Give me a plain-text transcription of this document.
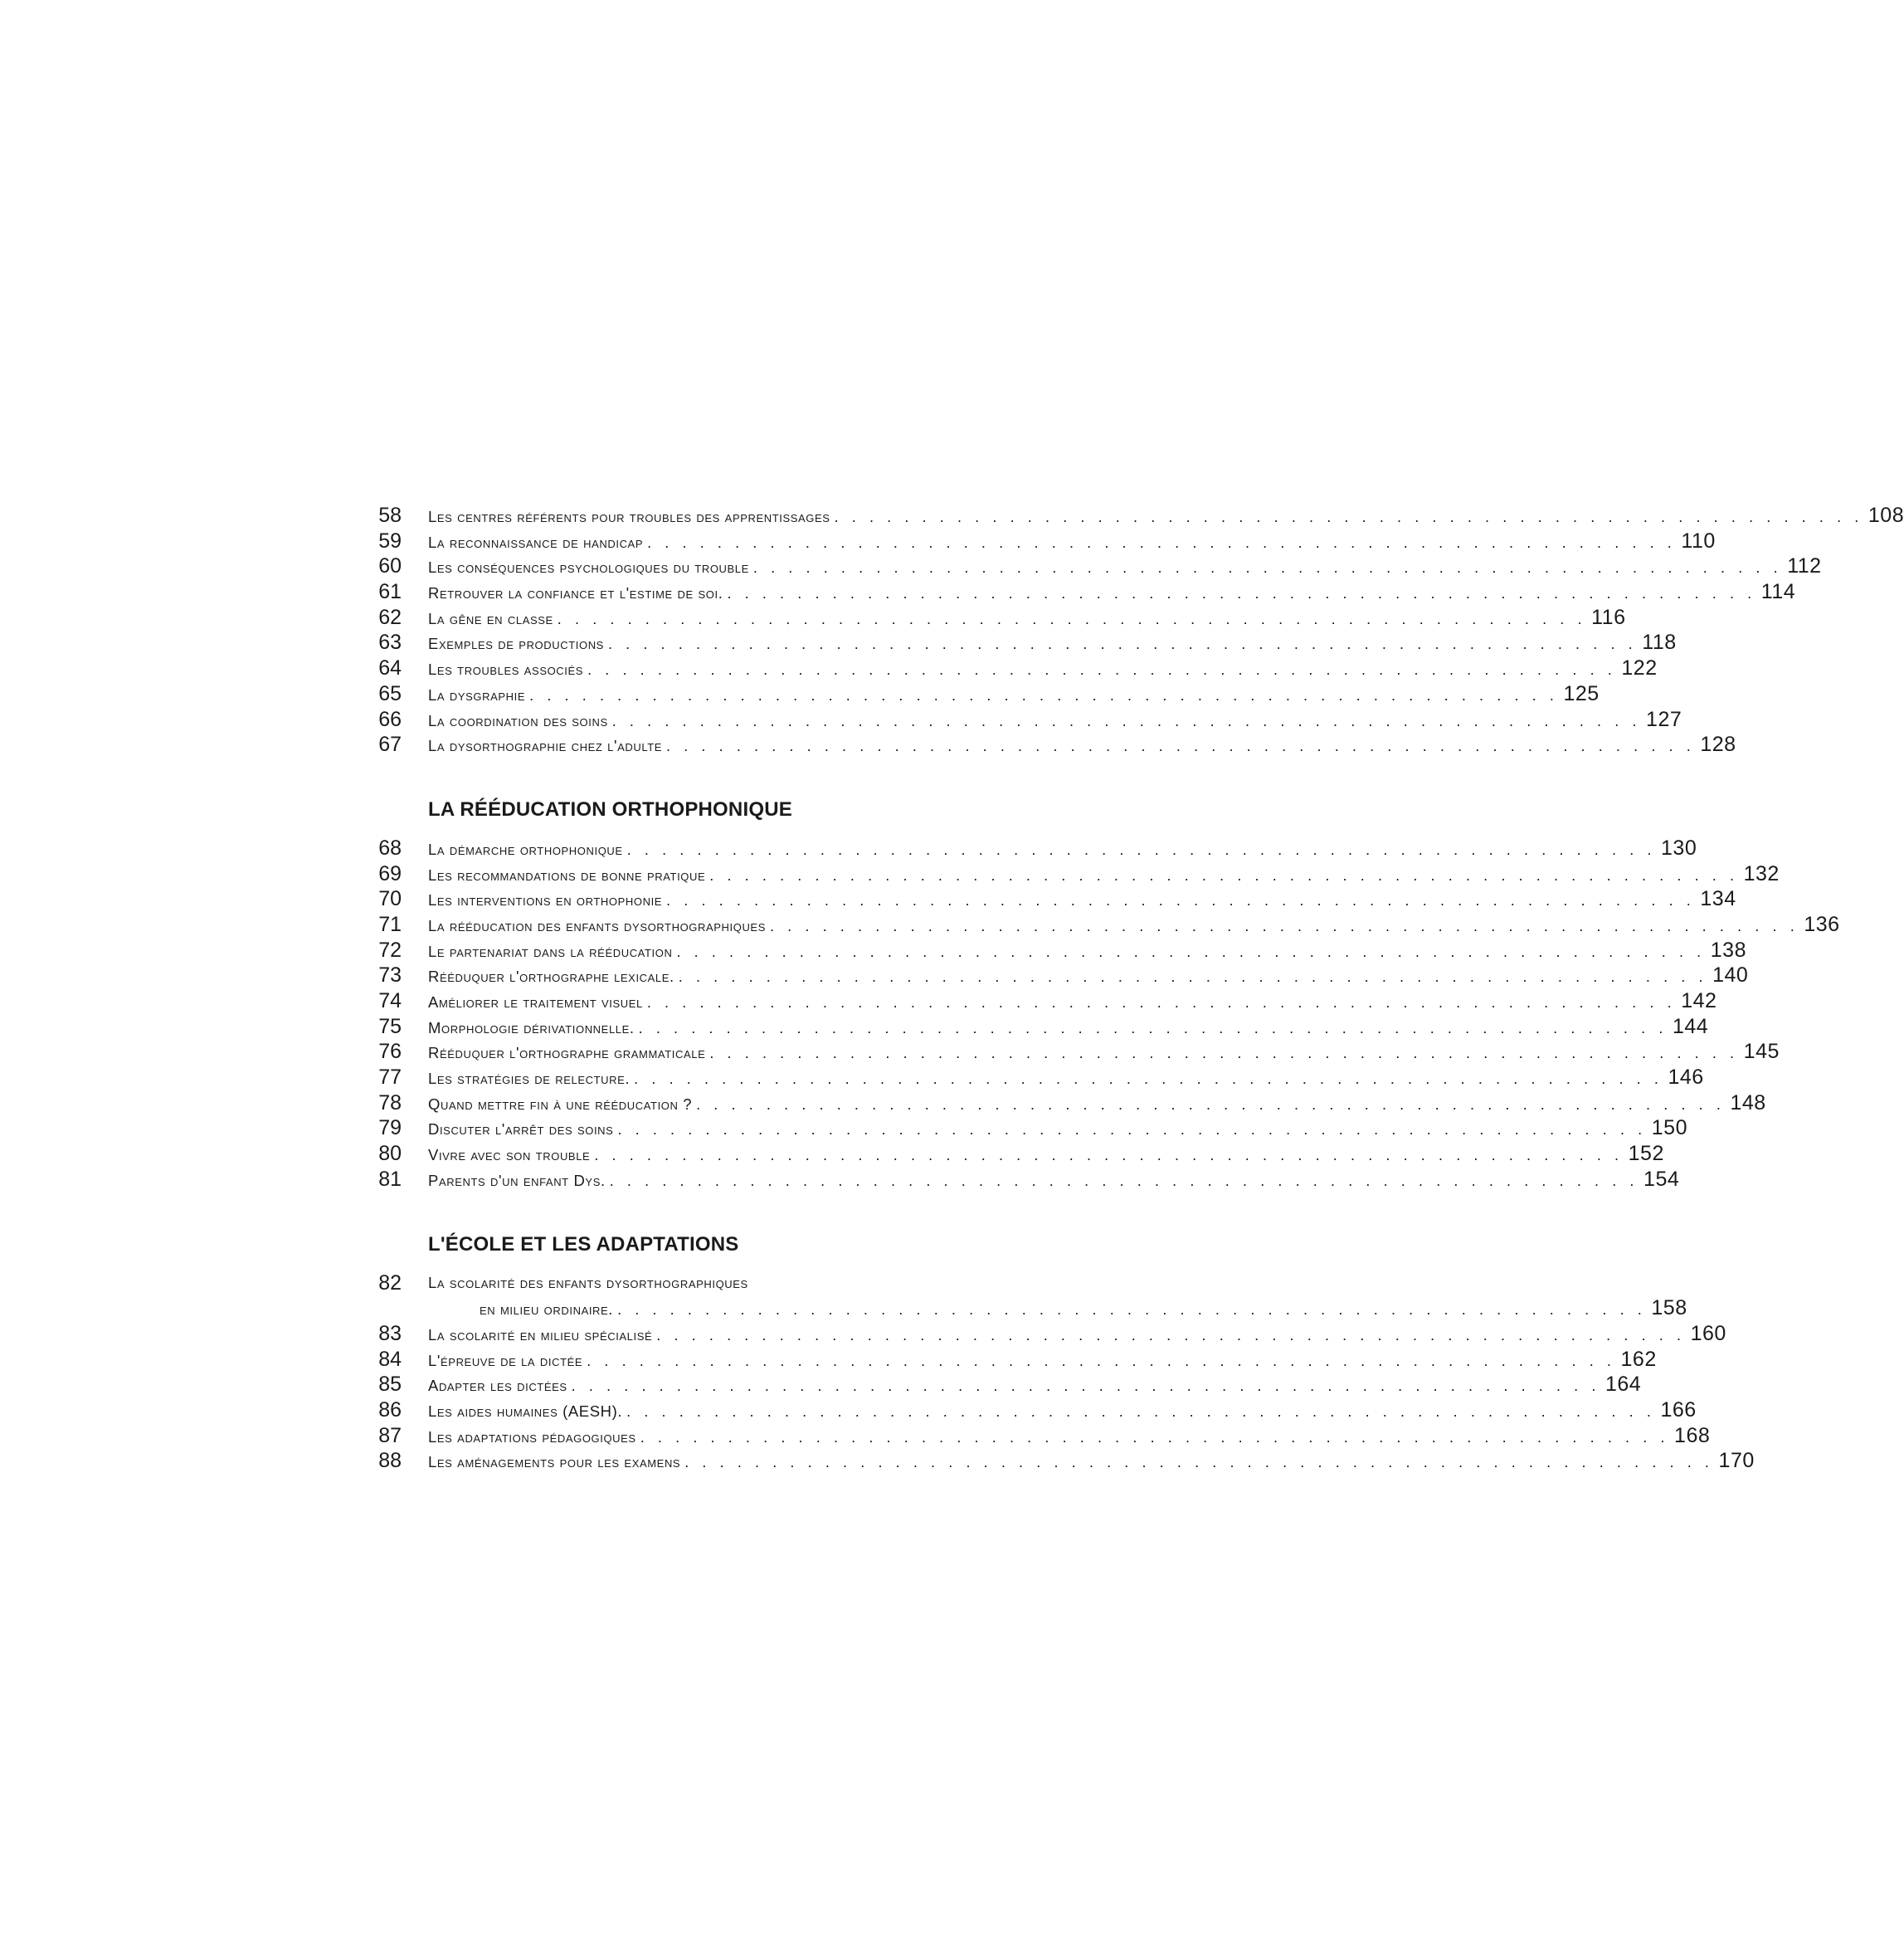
58 Les centres référents pour troubles des apprentissages . . . . . . . . . . . . . . . . . . . . . . . . . . . . . . . . . . . . . . . . . . . . . . . . . . . . . . . . . . . 108
59 La reconnaissance de handicap . . . . . . . . . . . . . . . . . . . . . . . . . . . . . . . . . . . . . . . . . . . . . . . . . . . . . . . . . . . 110
60 Les conséquences psychologiques du trouble . . . . . . . . . . . . . . . . . . . . . . . . . . . . . . . . . . . . . . . . . . . . . . . . . . . . . . . . . . . 112
61 Retrouver la confiance et l'estime de soi. . . . . . . . . . . . . . . . . . . . . . . . . . . . . . . . . . . . . . . . . . . . . . . . . . . . . . . . . . . . 114
62 La gêne en classe . . . . . . . . . . . . . . . . . . . . . . . . . . . . . . . . . . . . . . . . . . . . . . . . . . . . . . . . . . . 116
63 Exemples de productions . . . . . . . . . . . . . . . . . . . . . . . . . . . . . . . . . . . . . . . . . . . . . . . . . . . . . . . . . . . 118
64 Les troubles associés . . . . . . . . . . . . . . . . . . . . . . . . . . . . . . . . . . . . . . . . . . . . . . . . . . . . . . . . . . . 122
65 La dysgraphie . . . . . . . . . . . . . . . . . . . . . . . . . . . . . . . . . . . . . . . . . . . . . . . . . . . . . . . . . . . 125
66 La coordination des soins . . . . . . . . . . . . . . . . . . . . . . . . . . . . . . . . . . . . . . . . . . . . . . . . . . . . . . . . . . . 127
67 La dysorthographie chez l'adulte . . . . . . . . . . . . . . . . . . . . . . . . . . . . . . . . . . . . . . . . . . . . . . . . . . . . . . . . . . . 128
LA RÉÉDUCATION ORTHOPHONIQUE
68 La démarche orthophonique . . . . . . . . . . . . . . . . . . . . . . . . . . . . . . . . . . . . . . . . . . . . . . . . . . . . . . . . . . . 130
69 Les recommandations de bonne pratique . . . . . . . . . . . . . . . . . . . . . . . . . . . . . . . . . . . . . . . . . . . . . . . . . . . . . . . . . . . 132
70 Les interventions en orthophonie . . . . . . . . . . . . . . . . . . . . . . . . . . . . . . . . . . . . . . . . . . . . . . . . . . . . . . . . . . . 134
71 La rééducation des enfants dysorthographiques . . . . . . . . . . . . . . . . . . . . . . . . . . . . . . . . . . . . . . . . . . . . . . . . . . . . . . . . . . . 136
72 Le partenariat dans la rééducation . . . . . . . . . . . . . . . . . . . . . . . . . . . . . . . . . . . . . . . . . . . . . . . . . . . . . . . . . . . 138
73 Rééduquer l'orthographe lexicale. . . . . . . . . . . . . . . . . . . . . . . . . . . . . . . . . . . . . . . . . . . . . . . . . . . . . . . . . . . . 140
74 Améliorer le traitement visuel . . . . . . . . . . . . . . . . . . . . . . . . . . . . . . . . . . . . . . . . . . . . . . . . . . . . . . . . . . . 142
75 Morphologie dérivationnelle. . . . . . . . . . . . . . . . . . . . . . . . . . . . . . . . . . . . . . . . . . . . . . . . . . . . . . . . . . . . 144
76 Rééduquer l'orthographe grammaticale . . . . . . . . . . . . . . . . . . . . . . . . . . . . . . . . . . . . . . . . . . . . . . . . . . . . . . . . . . . 145
77 Les stratégies de relecture. . . . . . . . . . . . . . . . . . . . . . . . . . . . . . . . . . . . . . . . . . . . . . . . . . . . . . . . . . . . 146
78 Quand mettre fin à une rééducation ? . . . . . . . . . . . . . . . . . . . . . . . . . . . . . . . . . . . . . . . . . . . . . . . . . . . . . . . . . . . 148
79 Discuter l'arrêt des soins . . . . . . . . . . . . . . . . . . . . . . . . . . . . . . . . . . . . . . . . . . . . . . . . . . . . . . . . . . . 150
80 Vivre avec son trouble . . . . . . . . . . . . . . . . . . . . . . . . . . . . . . . . . . . . . . . . . . . . . . . . . . . . . . . . . . . 152
81 Parents d'un enfant Dys. . . . . . . . . . . . . . . . . . . . . . . . . . . . . . . . . . . . . . . . . . . . . . . . . . . . . . . . . . . . 154
L'ÉCOLE ET LES ADAPTATIONS
82 La scolarité des enfants dysorthographiques
en milieu ordinaire. . . . . . . . . . . . . . . . . . . . . . . . . . . . . . . . . . . . . . . . . . . . . . . . . . . . . . . . . . . . 158
83 La scolarité en milieu spécialisé . . . . . . . . . . . . . . . . . . . . . . . . . . . . . . . . . . . . . . . . . . . . . . . . . . . . . . . . . . . 160
84 L'épreuve de la dictée . . . . . . . . . . . . . . . . . . . . . . . . . . . . . . . . . . . . . . . . . . . . . . . . . . . . . . . . . . . 162
85 Adapter les dictées . . . . . . . . . . . . . . . . . . . . . . . . . . . . . . . . . . . . . . . . . . . . . . . . . . . . . . . . . . . 164
86 Les aides humaines (AESH). . . . . . . . . . . . . . . . . . . . . . . . . . . . . . . . . . . . . . . . . . . . . . . . . . . . . . . . . . . . 166
87 Les adaptations pédagogiques . . . . . . . . . . . . . . . . . . . . . . . . . . . . . . . . . . . . . . . . . . . . . . . . . . . . . . . . . . . 168
88 Les aménagements pour les examens . . . . . . . . . . . . . . . . . . . . . . . . . . . . . . . . . . . . . . . . . . . . . . . . . . . . . . . . . . . 170
